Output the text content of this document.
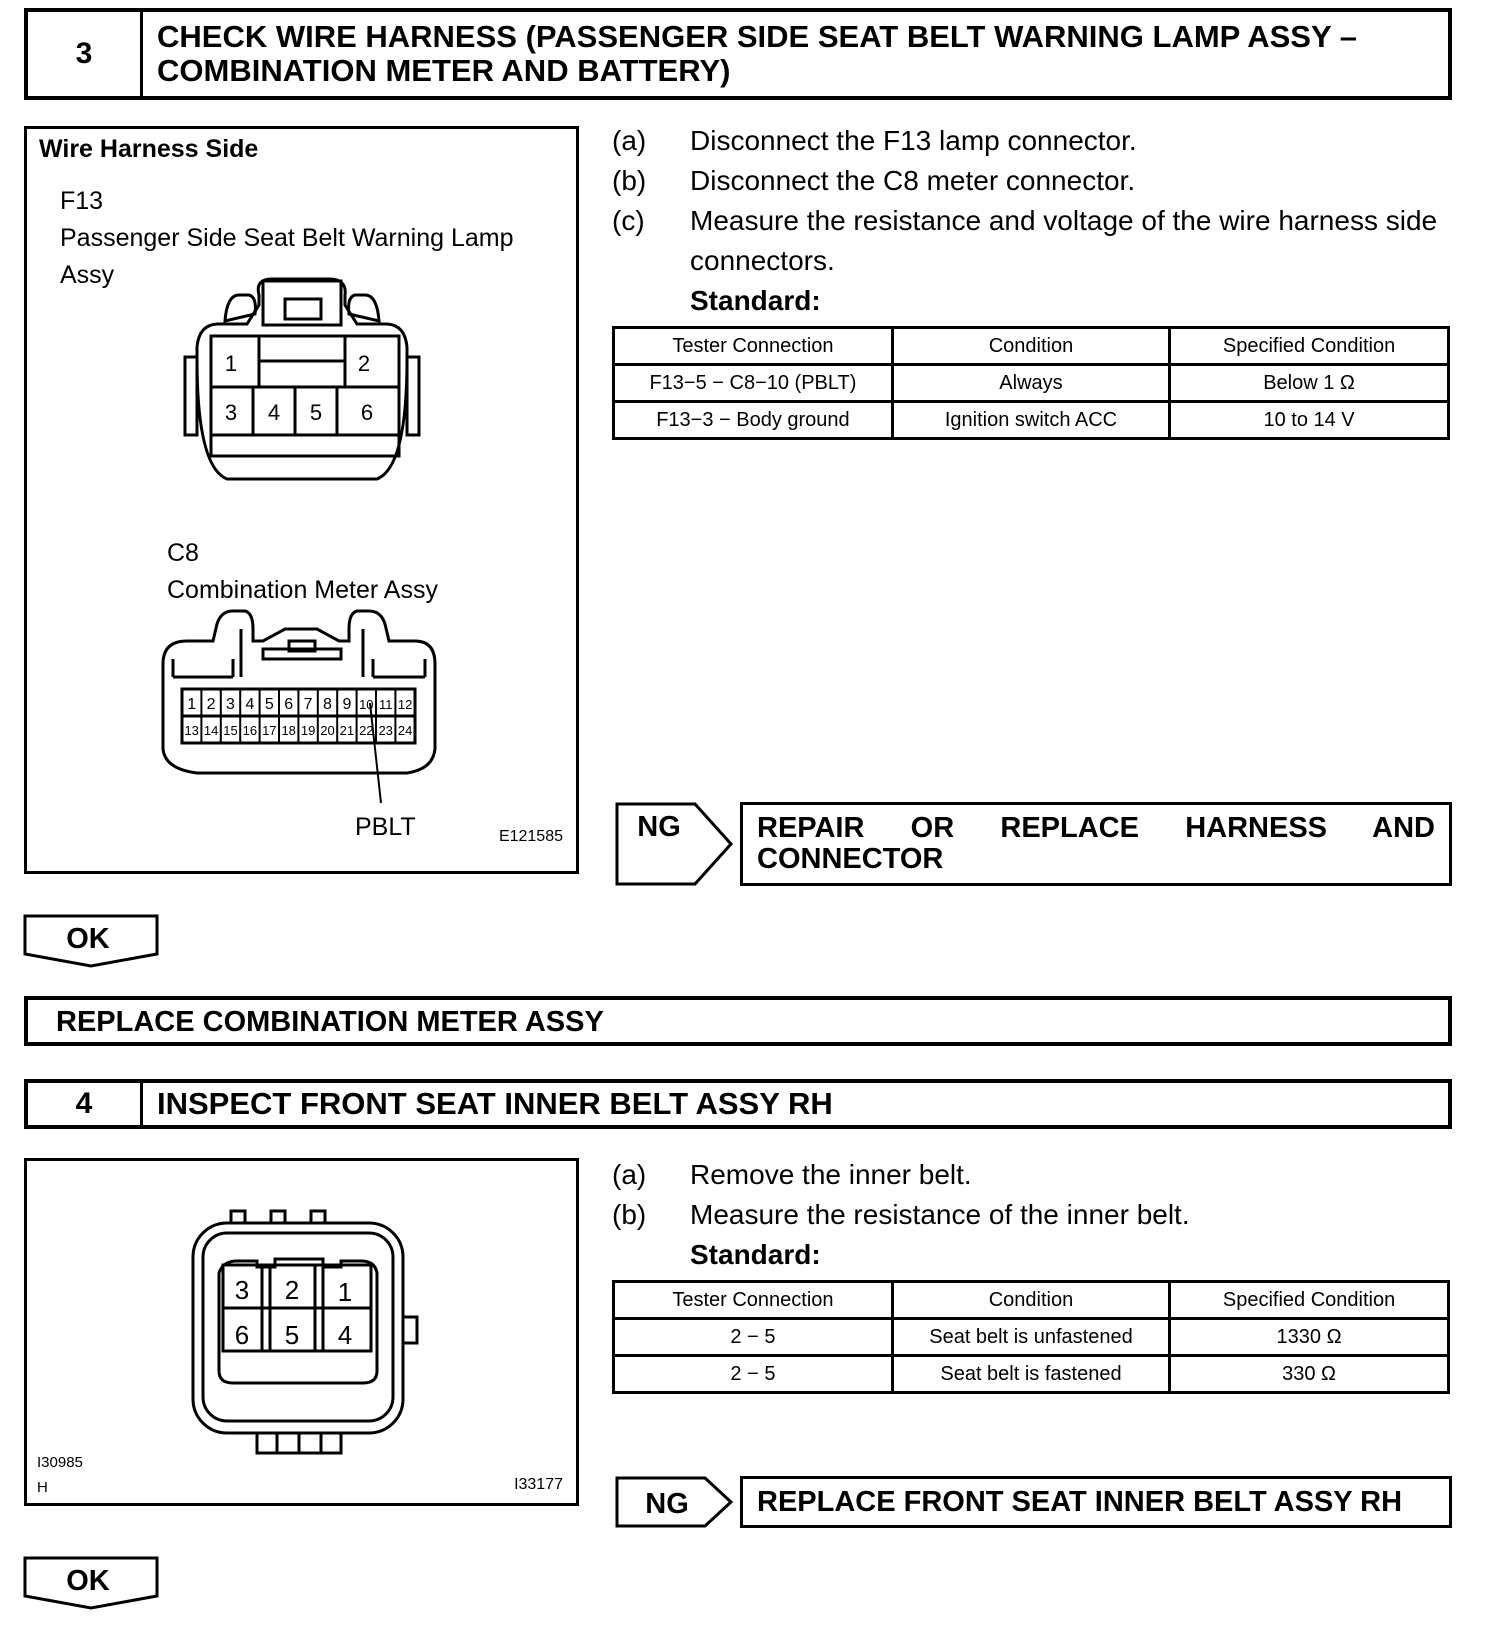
3	CHECK WIRE HARNESS (PASSENGER SIDE SEAT BELT WARNING LAMP ASSY – COMBINATION METER AND BATTERY)
Wire Harness Side
F13
Passenger Side Seat Belt Warning Lamp
Assy
1	2
3 4 5 6
C8
Combination Meter Assy
1 2 3 4 5 6 7 8 9 10 11 12
13 14 15 16 17 18 19 20 21 22 23 24
PBLT	E121585
(a)	Disconnect the F13 lamp connector.
(b)	Disconnect the C8 meter connector.
(c)	Measure the resistance and voltage of the wire harness side connectors.
Standard:
Tester Connection	Condition	Specified Condition
F13−5 − C8−10 (PBLT)	Always	Below 1 Ω
F13−3 − Body ground	Ignition switch ACC	10 to 14 V
NG	REPAIR OR REPLACE HARNESS AND CONNECTOR
OK
REPLACE COMBINATION METER ASSY
4	INSPECT FRONT SEAT INNER BELT ASSY RH
3 2 1
6 5 4
I30985
H	I33177
(a)	Remove the inner belt.
(b)	Measure the resistance of the inner belt.
Standard:
Tester Connection	Condition	Specified Condition
2 − 5	Seat belt is unfastened	1330 Ω
2 − 5	Seat belt is fastened	330 Ω
NG	REPLACE FRONT SEAT INNER BELT ASSY RH
OK
